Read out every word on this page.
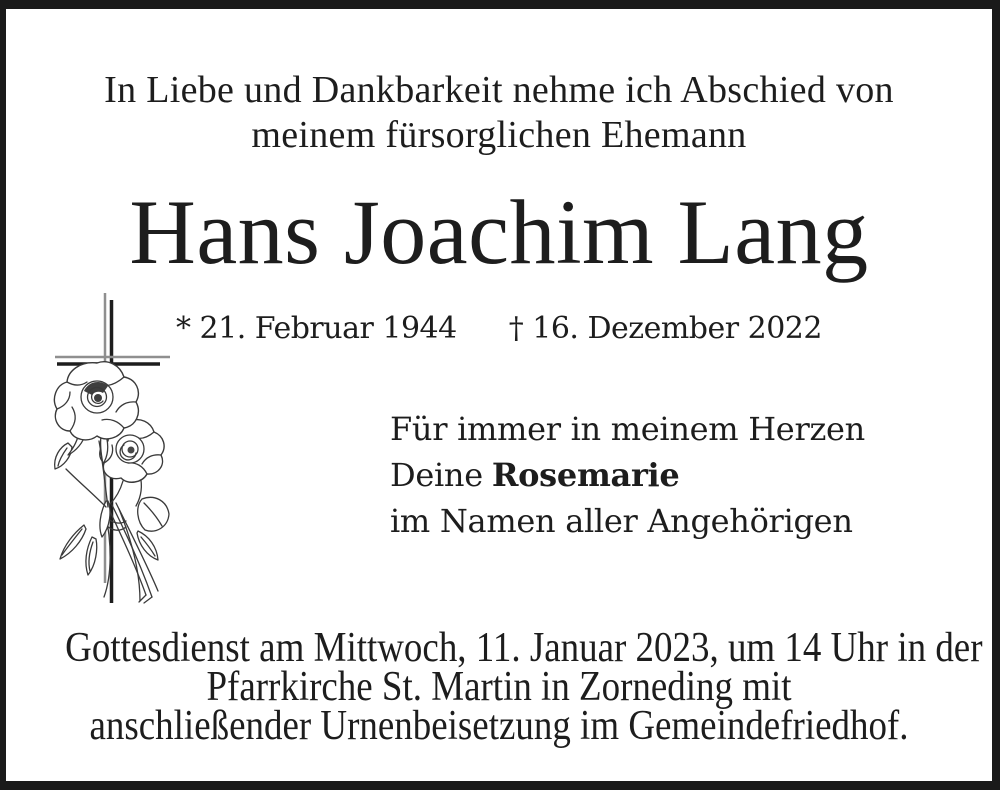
In Liebe und Dankbarkeit nehme ich Abschied von
meinem fürsorglichen Ehemann
Hans Joachim Lang
* 21. Februar 1944 † 16. Dezember 2022
Für immer in meinem Herzen
Deine Rosemarie
im Namen aller Angehörigen
Gottesdienst am Mittwoch, 11. Januar 2023, um 14 Uhr in der
Pfarrkirche St. Martin in Zorneding mit
anschließender Urnenbeisetzung im Gemeindefriedhof.
